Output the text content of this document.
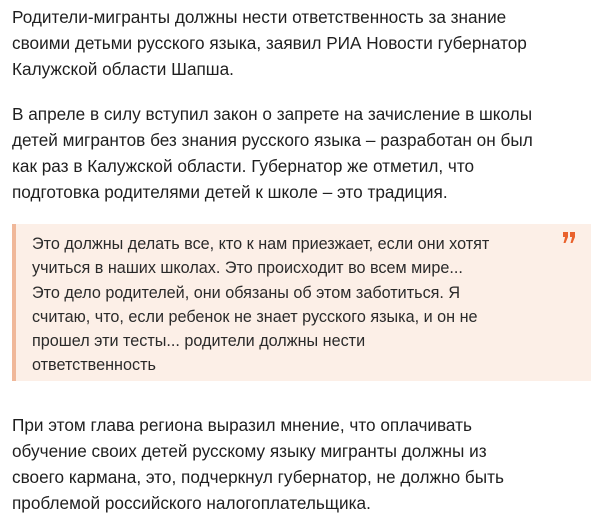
Родители-мигранты должны нести ответственность за знание
своими детьми русского языка, заявил РИА Новости губернатор
Калужской области Шапша.

В апреле в силу вступил закон о запрете на зачисление в школы
детей мигрантов без знания русского языка – разработан он был
как раз в Калужской области. Губернатор же отметил, что
подготовка родителями детей к школе – это традиция.

Это должны делать все, кто к нам приезжает, если они хотят
учиться в наших школах. Это происходит во всем мире...
Это дело родителей, они обязаны об этом заботиться. Я
считаю, что, если ребенок не знает русского языка, и он не
прошел эти тесты... родители должны нести
ответственность

При этом глава региона выразил мнение, что оплачивать
обучение своих детей русскому языку мигранты должны из
своего кармана, это, подчеркнул губернатор, не должно быть
проблемой российского налогоплательщика.
